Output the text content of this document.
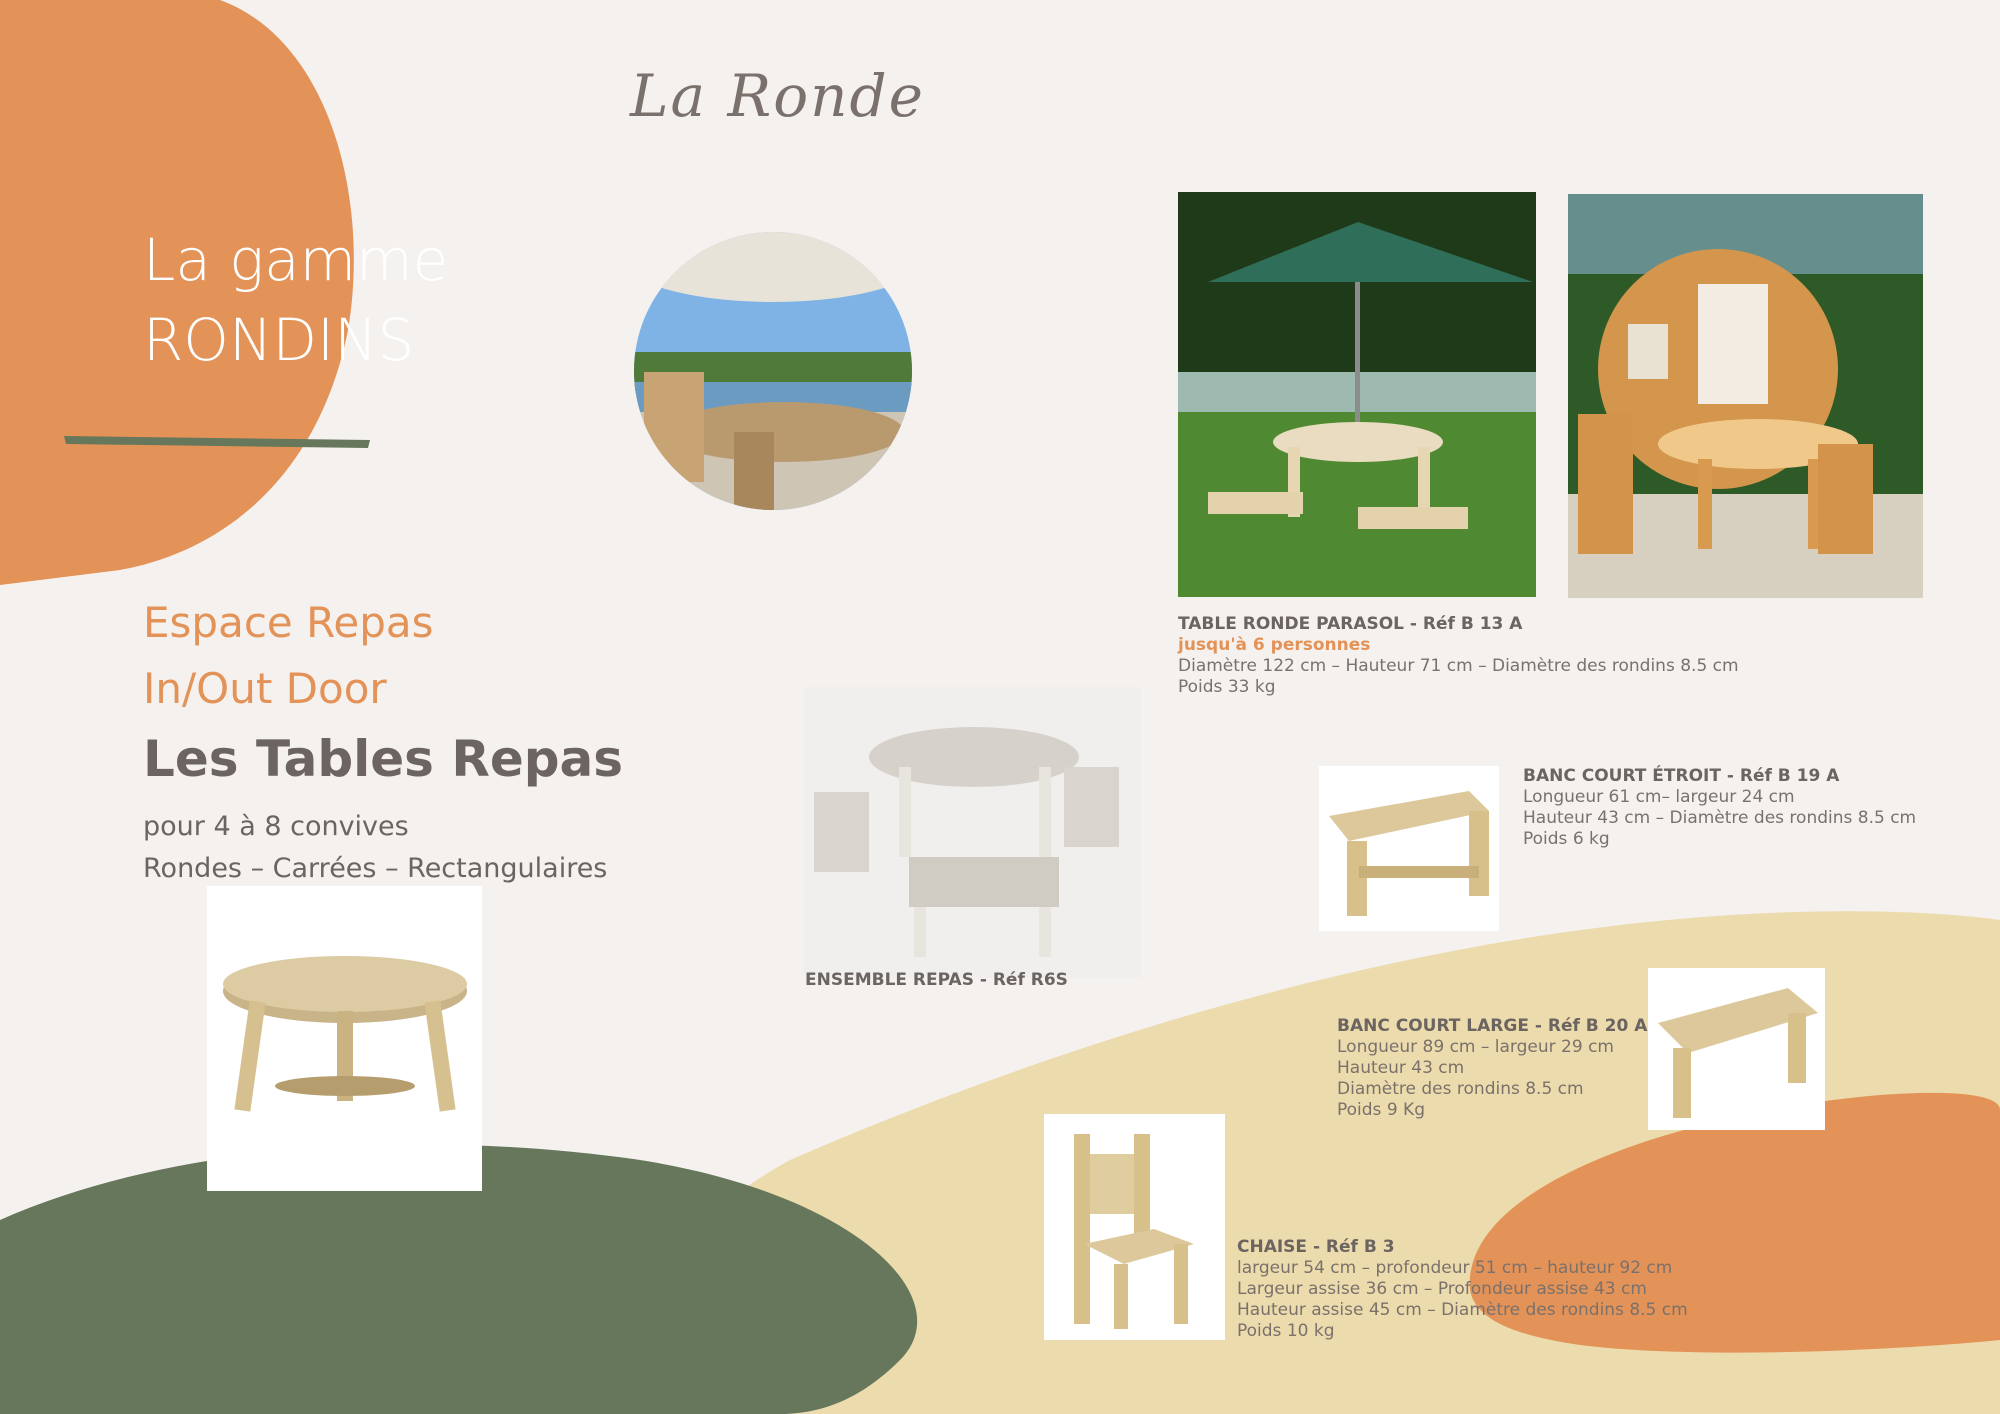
La Ronde
La gamme
RONDINS
Espace Repas
In/Out Door
Les Tables Repas
pour 4 à 8 convives
Rondes – Carrées – Rectangulaires
ENSEMBLE REPAS - Réf R6S
TABLE RONDE PARASOL - Réf B 13 A
jusqu'à 6 personnes
Diamètre 122 cm – Hauteur 71 cm – Diamètre des rondins 8.5 cm
Poids 33 kg
BANC COURT ÉTROIT - Réf B 19 A
Longueur 61 cm– largeur 24 cm
Hauteur 43 cm – Diamètre des rondins 8.5 cm
Poids 6 kg
BANC COURT LARGE - Réf B 20 A
Longueur 89 cm – largeur 29 cm
Hauteur 43 cm
Diamètre des rondins 8.5 cm
Poids 9 Kg
CHAISE - Réf B 3
largeur 54 cm – profondeur 51 cm – hauteur 92 cm
Largeur assise 36 cm – Profondeur assise 43 cm
Hauteur assise 45 cm – Diamètre des rondins 8.5 cm
Poids 10 kg
